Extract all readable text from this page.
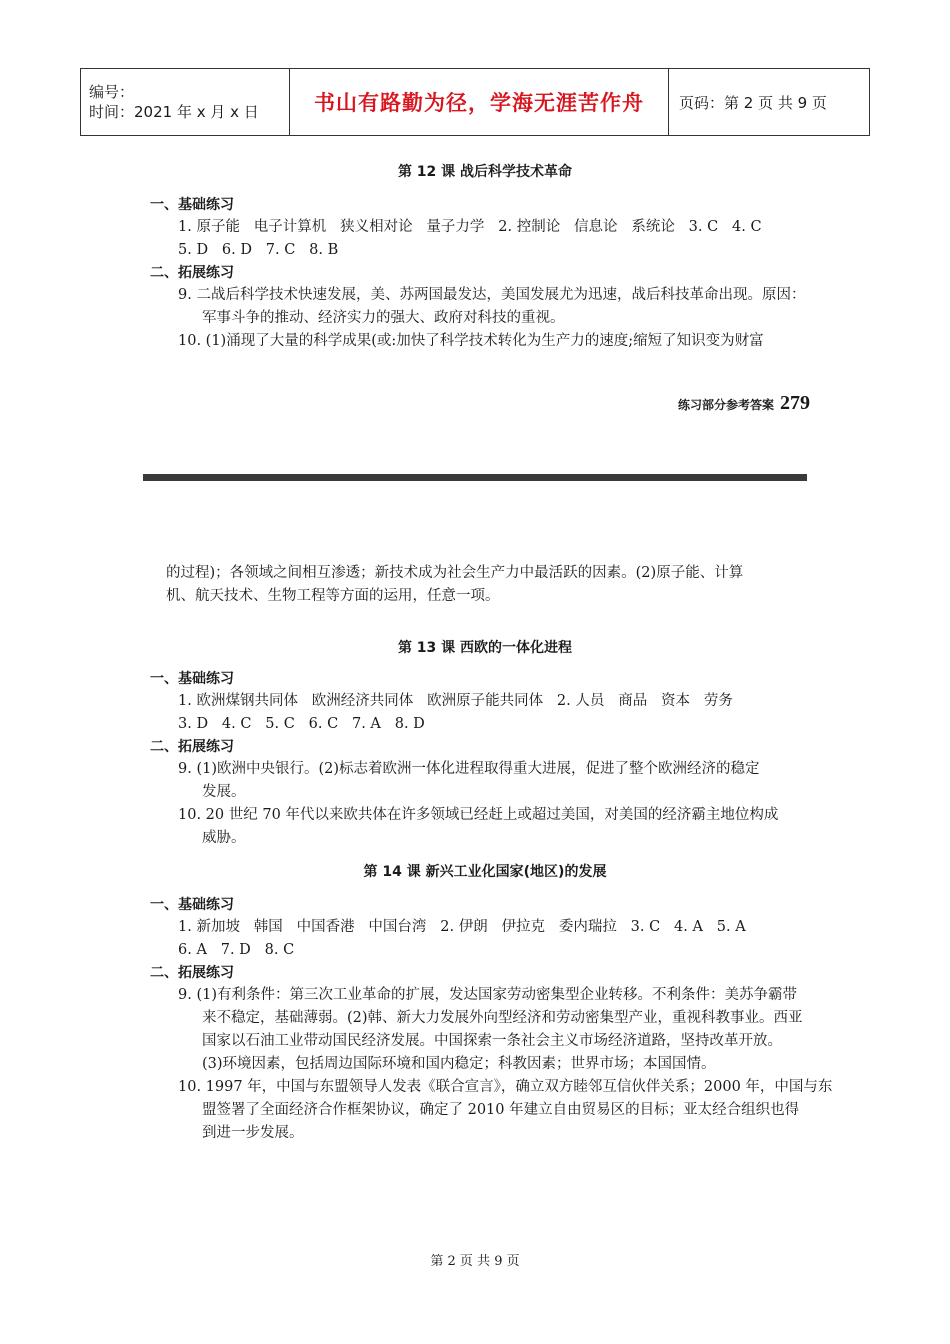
编号：
时间：2021 年 x 月 x 日	书山有路勤为径，学海无涯苦作舟	页码：第 2 页 共 9 页
第 12 课 战后科学技术革命
一、基础练习
1. 原子能   电子计算机   狭义相对论   量子力学   2. 控制论   信息论   系统论   3. C   4. C
5. D   6. D   7. C   8. B
二、拓展练习
9. 二战后科学技术快速发展，美、苏两国最发达，美国发展尤为迅速，战后科技革命出现。原因：
军事斗争的推动、经济实力的强大、政府对科技的重视。
10. (1)涌现了大量的科学成果(或:加快了科学技术转化为生产力的速度;缩短了知识变为财富
练习部分参考答案 279
的过程)；各领域之间相互渗透；新技术成为社会生产力中最活跃的因素。(2)原子能、计算
机、航天技术、生物工程等方面的运用，任意一项。
第 13 课 西欧的一体化进程
一、基础练习
1. 欧洲煤钢共同体   欧洲经济共同体   欧洲原子能共同体   2. 人员   商品   资本   劳务
3. D   4. C   5. C   6. C   7. A   8. D
二、拓展练习
9. (1)欧洲中央银行。(2)标志着欧洲一体化进程取得重大进展，促进了整个欧洲经济的稳定
发展。
10. 20 世纪 70 年代以来欧共体在许多领域已经赶上或超过美国，对美国的经济霸主地位构成
威胁。
第 14 课 新兴工业化国家(地区)的发展
一、基础练习
1. 新加坡   韩国   中国香港   中国台湾   2. 伊朗   伊拉克   委内瑞拉   3. C   4. A   5. A
6. A   7. D   8. C
二、拓展练习
9. (1)有利条件：第三次工业革命的扩展，发达国家劳动密集型企业转移。不利条件：美苏争霸带
来不稳定，基础薄弱。(2)韩、新大力发展外向型经济和劳动密集型产业，重视科教事业。西亚
国家以石油工业带动国民经济发展。中国探索一条社会主义市场经济道路，坚持改革开放。
(3)环境因素，包括周边国际环境和国内稳定；科教因素；世界市场；本国国情。
10. 1997 年，中国与东盟领导人发表《联合宣言》，确立双方睦邻互信伙伴关系；2000 年，中国与东
盟签署了全面经济合作框架协议，确定了 2010 年建立自由贸易区的目标；亚太经合组织也得
到进一步发展。
第 2 页 共 9 页
